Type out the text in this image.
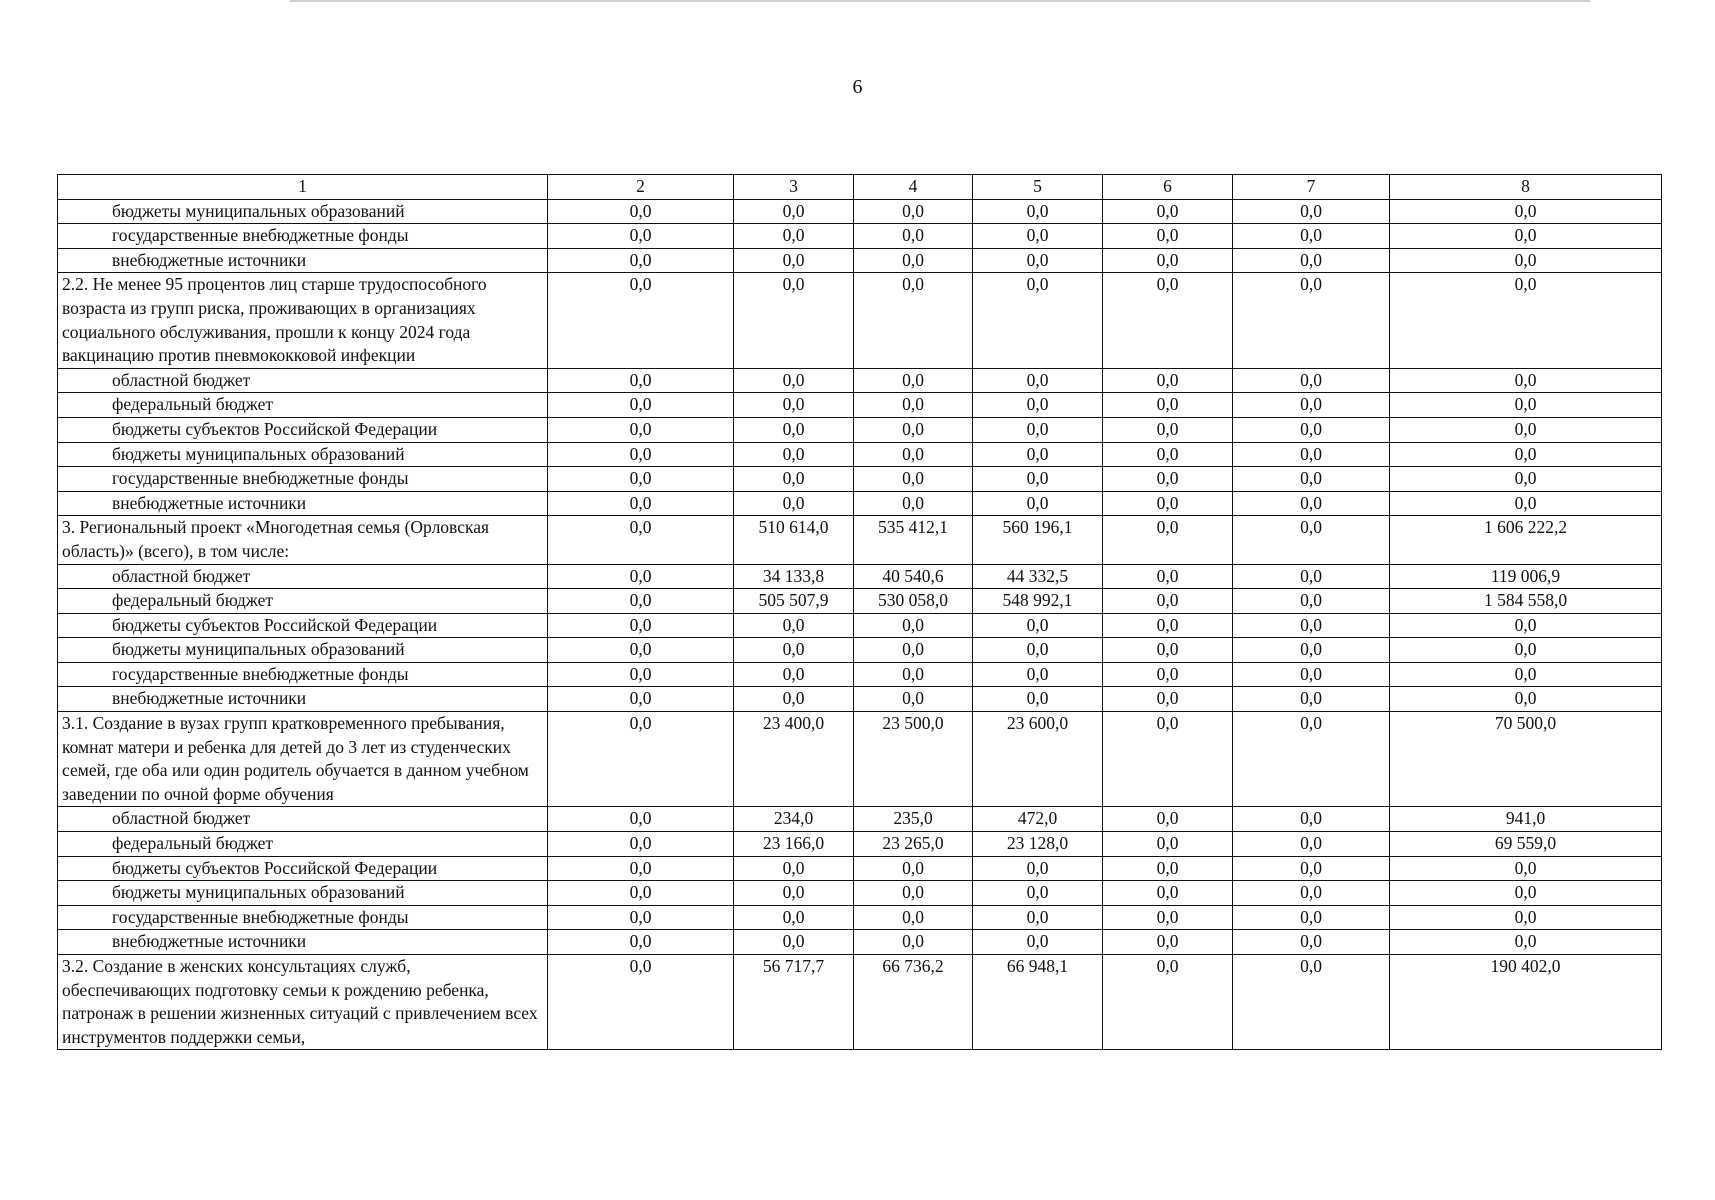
6
1	2	3	4	5	6	7	8
бюджеты муниципальных образований	0,0	0,0	0,0	0,0	0,0	0,0	0,0
государственные внебюджетные фонды	0,0	0,0	0,0	0,0	0,0	0,0	0,0
внебюджетные источники	0,0	0,0	0,0	0,0	0,0	0,0	0,0
2.2. Не менее 95 процентов лиц старше трудоспособного возраста из групп риска, проживающих в организациях социального обслуживания, прошли к концу 2024 года вакцинацию против пневмококковой инфекции	0,0	0,0	0,0	0,0	0,0	0,0	0,0
областной бюджет	0,0	0,0	0,0	0,0	0,0	0,0	0,0
федеральный бюджет	0,0	0,0	0,0	0,0	0,0	0,0	0,0
бюджеты субъектов Российской Федерации	0,0	0,0	0,0	0,0	0,0	0,0	0,0
бюджеты муниципальных образований	0,0	0,0	0,0	0,0	0,0	0,0	0,0
государственные внебюджетные фонды	0,0	0,0	0,0	0,0	0,0	0,0	0,0
внебюджетные источники	0,0	0,0	0,0	0,0	0,0	0,0	0,0
3. Региональный проект «Многодетная семья (Орловская область)» (всего), в том числе:	0,0	510 614,0	535 412,1	560 196,1	0,0	0,0	1 606 222,2
областной бюджет	0,0	34 133,8	40 540,6	44 332,5	0,0	0,0	119 006,9
федеральный бюджет	0,0	505 507,9	530 058,0	548 992,1	0,0	0,0	1 584 558,0
бюджеты субъектов Российской Федерации	0,0	0,0	0,0	0,0	0,0	0,0	0,0
бюджеты муниципальных образований	0,0	0,0	0,0	0,0	0,0	0,0	0,0
государственные внебюджетные фонды	0,0	0,0	0,0	0,0	0,0	0,0	0,0
внебюджетные источники	0,0	0,0	0,0	0,0	0,0	0,0	0,0
3.1. Создание в вузах групп кратковременного пребывания, комнат матери и ребенка для детей до 3 лет из студенческих семей, где оба или один родитель обучается в данном учебном заведении по очной форме обучения	0,0	23 400,0	23 500,0	23 600,0	0,0	0,0	70 500,0
областной бюджет	0,0	234,0	235,0	472,0	0,0	0,0	941,0
федеральный бюджет	0,0	23 166,0	23 265,0	23 128,0	0,0	0,0	69 559,0
бюджеты субъектов Российской Федерации	0,0	0,0	0,0	0,0	0,0	0,0	0,0
бюджеты муниципальных образований	0,0	0,0	0,0	0,0	0,0	0,0	0,0
государственные внебюджетные фонды	0,0	0,0	0,0	0,0	0,0	0,0	0,0
внебюджетные источники	0,0	0,0	0,0	0,0	0,0	0,0	0,0
3.2. Создание в женских консультациях служб, обеспечивающих подготовку семьи к рождению ребенка, патронаж в решении жизненных ситуаций с привлечением всех инструментов поддержки семьи,	0,0	56 717,7	66 736,2	66 948,1	0,0	0,0	190 402,0
